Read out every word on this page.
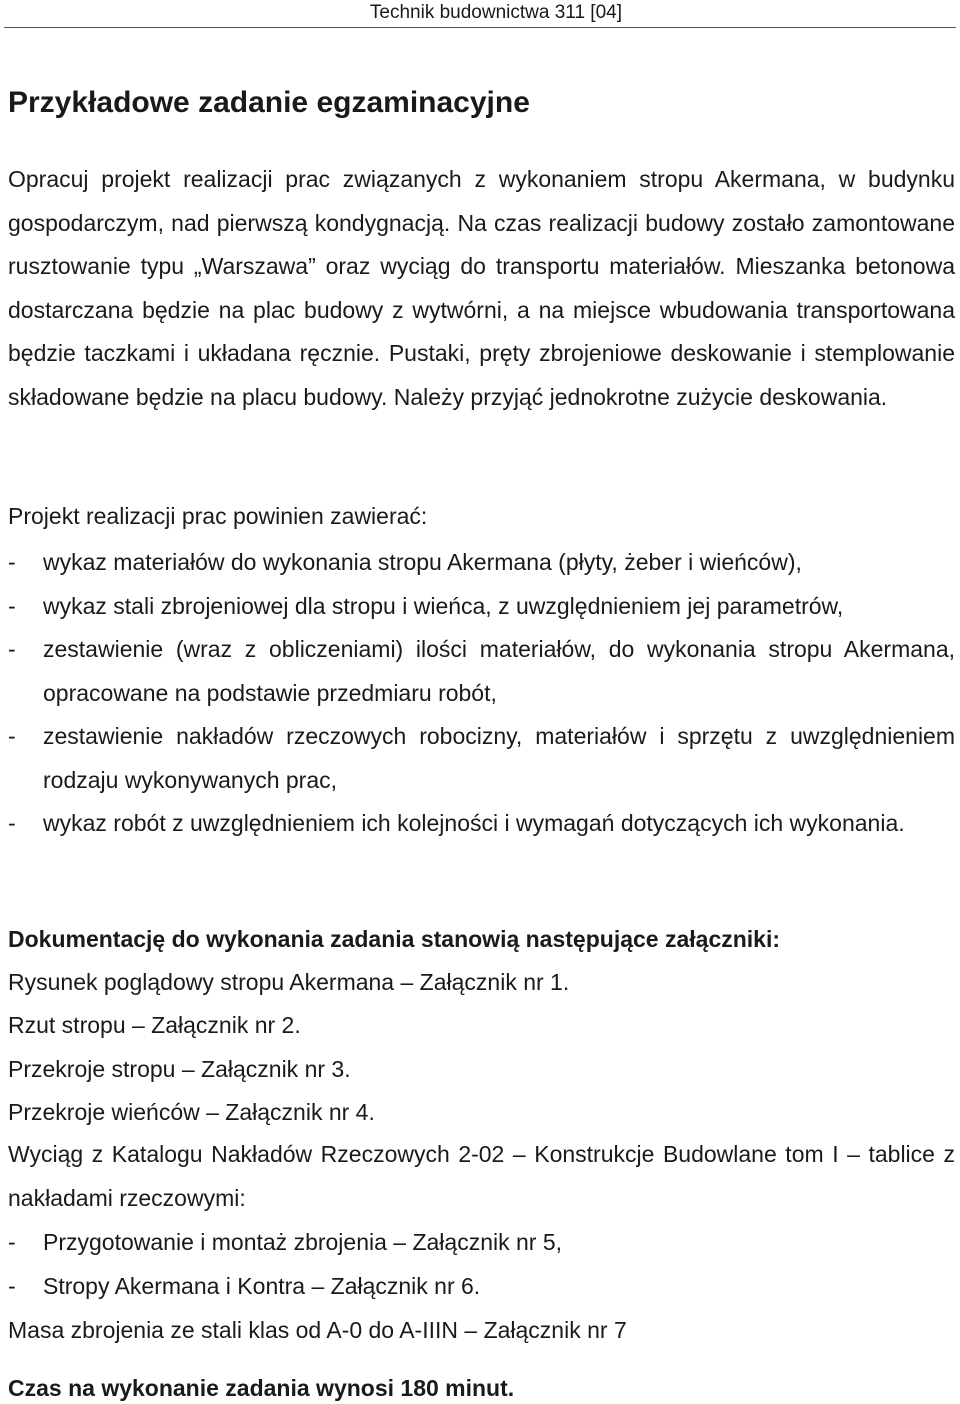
Technik budownictwa 311 [04]
Przykładowe zadanie egzaminacyjne
Opracuj projekt realizacji prac związanych z wykonaniem stropu Akermana, w budynku gospodarczym, nad pierwszą kondygnacją. Na czas realizacji budowy zostało zamontowane rusztowanie typu „Warszawa” oraz wyciąg do transportu materiałów. Mieszanka betonowa dostarczana będzie na plac budowy z wytwórni, a na miejsce wbudowania transportowana będzie taczkami i układana ręcznie. Pustaki, pręty zbrojeniowe deskowanie i stemplowanie składowane będzie na placu budowy. Należy przyjąć jednokrotne zużycie deskowania.
Projekt realizacji prac powinien zawierać:
- wykaz materiałów do wykonania stropu Akermana (płyty, żeber i wieńców),
- wykaz stali zbrojeniowej dla stropu i wieńca, z uwzględnieniem jej parametrów,
- zestawienie (wraz z obliczeniami) ilości materiałów, do wykonania stropu Akermana, opracowane na podstawie przedmiaru robót,
- zestawienie nakładów rzeczowych robocizny, materiałów i sprzętu z uwzględnieniem rodzaju wykonywanych prac,
- wykaz robót z uwzględnieniem ich kolejności i wymagań dotyczących ich wykonania.
Dokumentację do wykonania zadania stanowią następujące załączniki:
Rysunek poglądowy stropu Akermana – Załącznik nr 1.
Rzut stropu – Załącznik nr 2.
Przekroje stropu – Załącznik nr 3.
Przekroje wieńców – Załącznik nr 4.
Wyciąg z Katalogu Nakładów Rzeczowych 2-02 – Konstrukcje Budowlane tom I – tablice z nakładami rzeczowymi:
- Przygotowanie i montaż zbrojenia – Załącznik nr 5,
- Stropy Akermana i Kontra – Załącznik nr 6.
Masa zbrojenia ze stali klas od A-0 do A-IIIN – Załącznik nr 7
Czas na wykonanie zadania wynosi 180 minut.
